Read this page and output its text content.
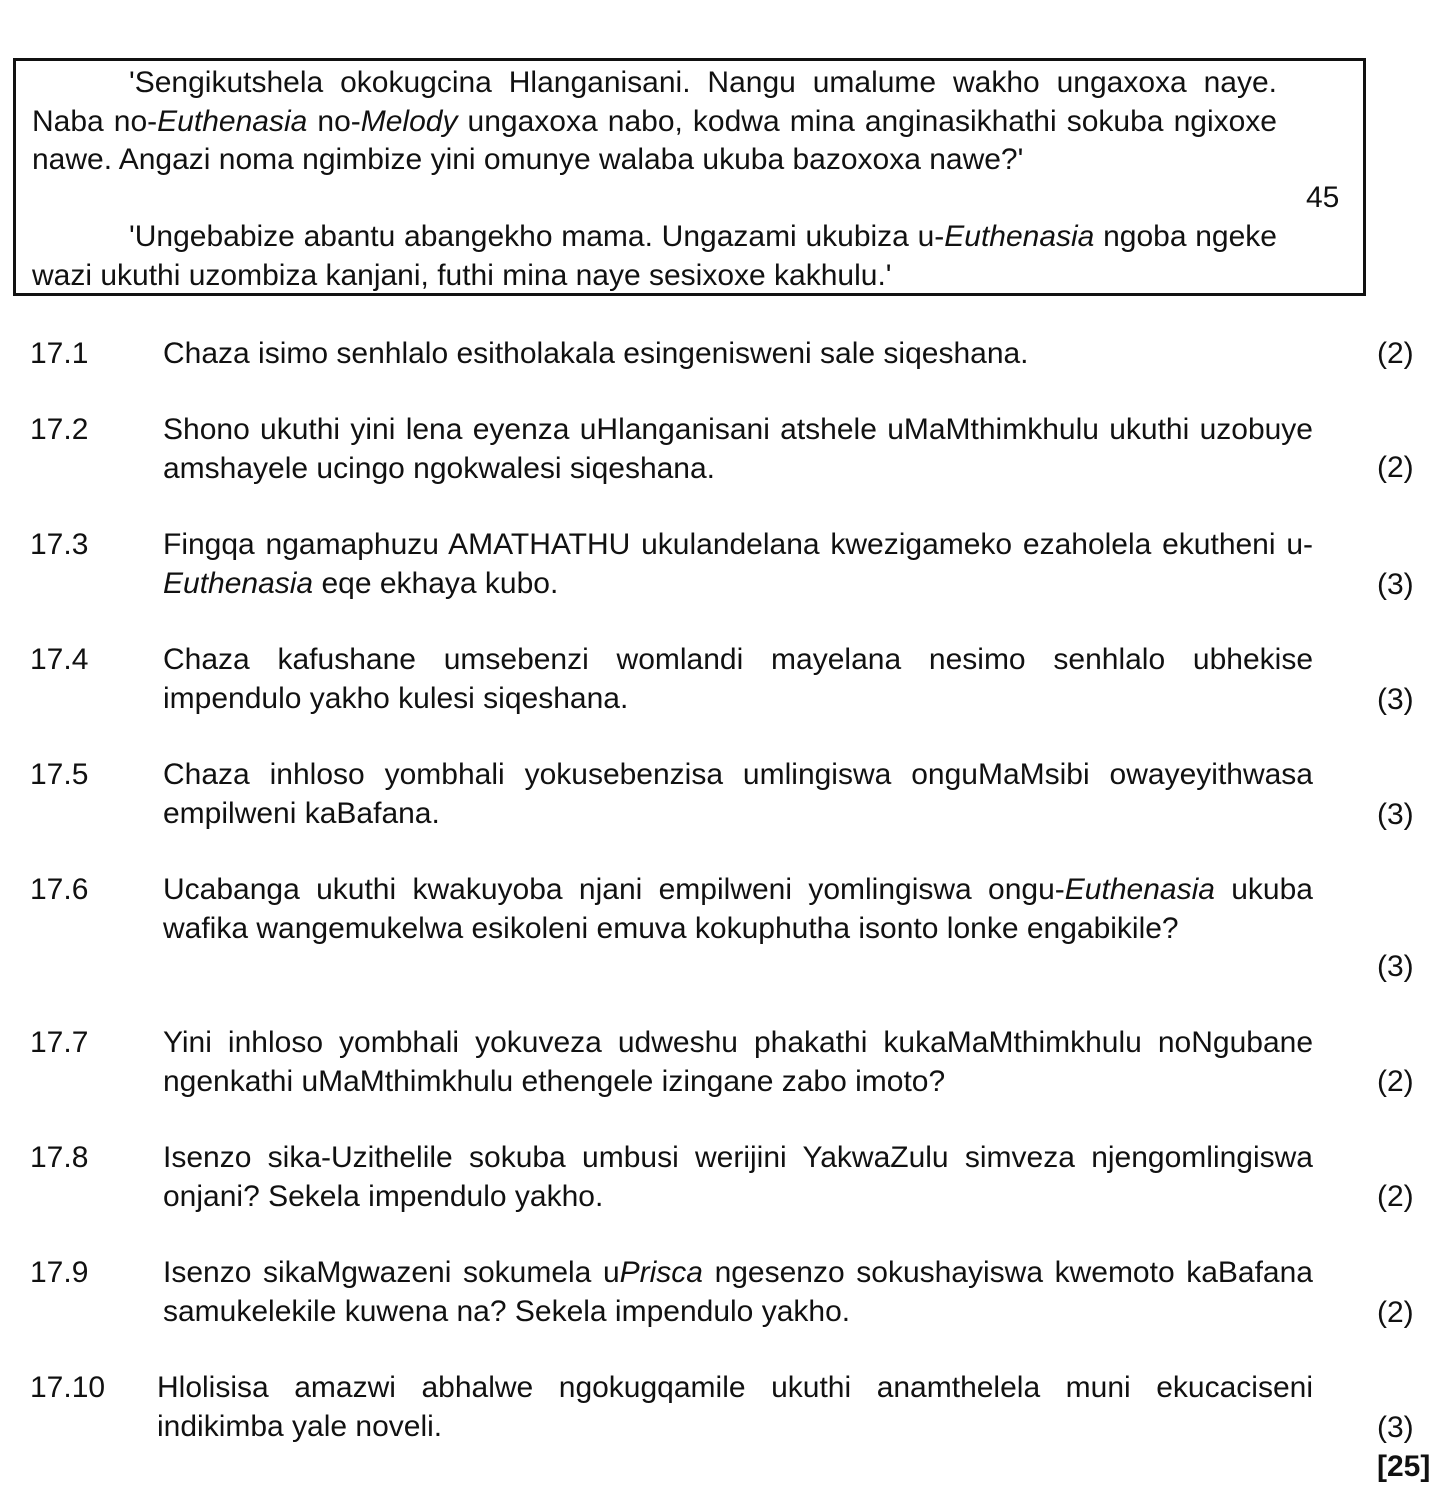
'Sengikutshela okokugcina Hlanganisani. Nangu umalume wakho ungaxoxa naye. Naba no-Euthenasia no-Melody ungaxoxa nabo, kodwa mina anginasikhathi sokuba ngixoxe nawe. Angazi noma ngimbize yini omunye walaba ukuba bazoxoxa nawe?'

45

'Ungebabize abantu abangekho mama. Ungazami ukubiza u-Euthenasia ngoba ngeke wazi ukuthi uzombiza kanjani, futhi mina naye sesixoxe kakhulu.'

17.1 Chaza isimo senhlalo esitholakala esingenisweni sale siqeshana.	(2)
17.2 Shono ukuthi yini lena eyenza uHlanganisani atshele uMaMthimkhulu ukuthi uzobuye amshayele ucingo ngokwalesi siqeshana.	(2)
17.3 Fingqa ngamaphuzu AMATHATHU ukulandelana kwezigameko ezaholela ekutheni u-Euthenasia eqe ekhaya kubo.	(3)
17.4 Chaza kafushane umsebenzi womlandi mayelana nesimo senhlalo ubhekise impendulo yakho kulesi siqeshana.	(3)
17.5 Chaza inhloso yombhali yokusebenzisa umlingiswa onguMaMsibi owayeyithwasa empilweni kaBafana.	(3)
17.6 Ucabanga ukuthi kwakuyoba njani empilweni yomlingiswa ongu-Euthenasia ukuba wafika wangemukelwa esikoleni emuva kokuphutha isonto lonke engabikile?
(3)
17.7 Yini inhloso yombhali yokuveza udweshu phakathi kukaMaMthimkhulu noNgubane ngenkathi uMaMthimkhulu ethengele izingane zabo imoto?	(2)
17.8 Isenzo sika-Uzithelile sokuba umbusi werijini YakwaZulu simveza njengomlingiswa onjani? Sekela impendulo yakho.	(2)
17.9 Isenzo sikaMgwazeni sokumela uPrisca ngesenzo sokushayiswa kwemoto kaBafana samukelekile kuwena na? Sekela impendulo yakho.	(2)
17.10 Hlolisisa amazwi abhalwe ngokugqamile ukuthi anamthelela muni ekucaciseni indikimba yale noveli.	(3)
[25]
